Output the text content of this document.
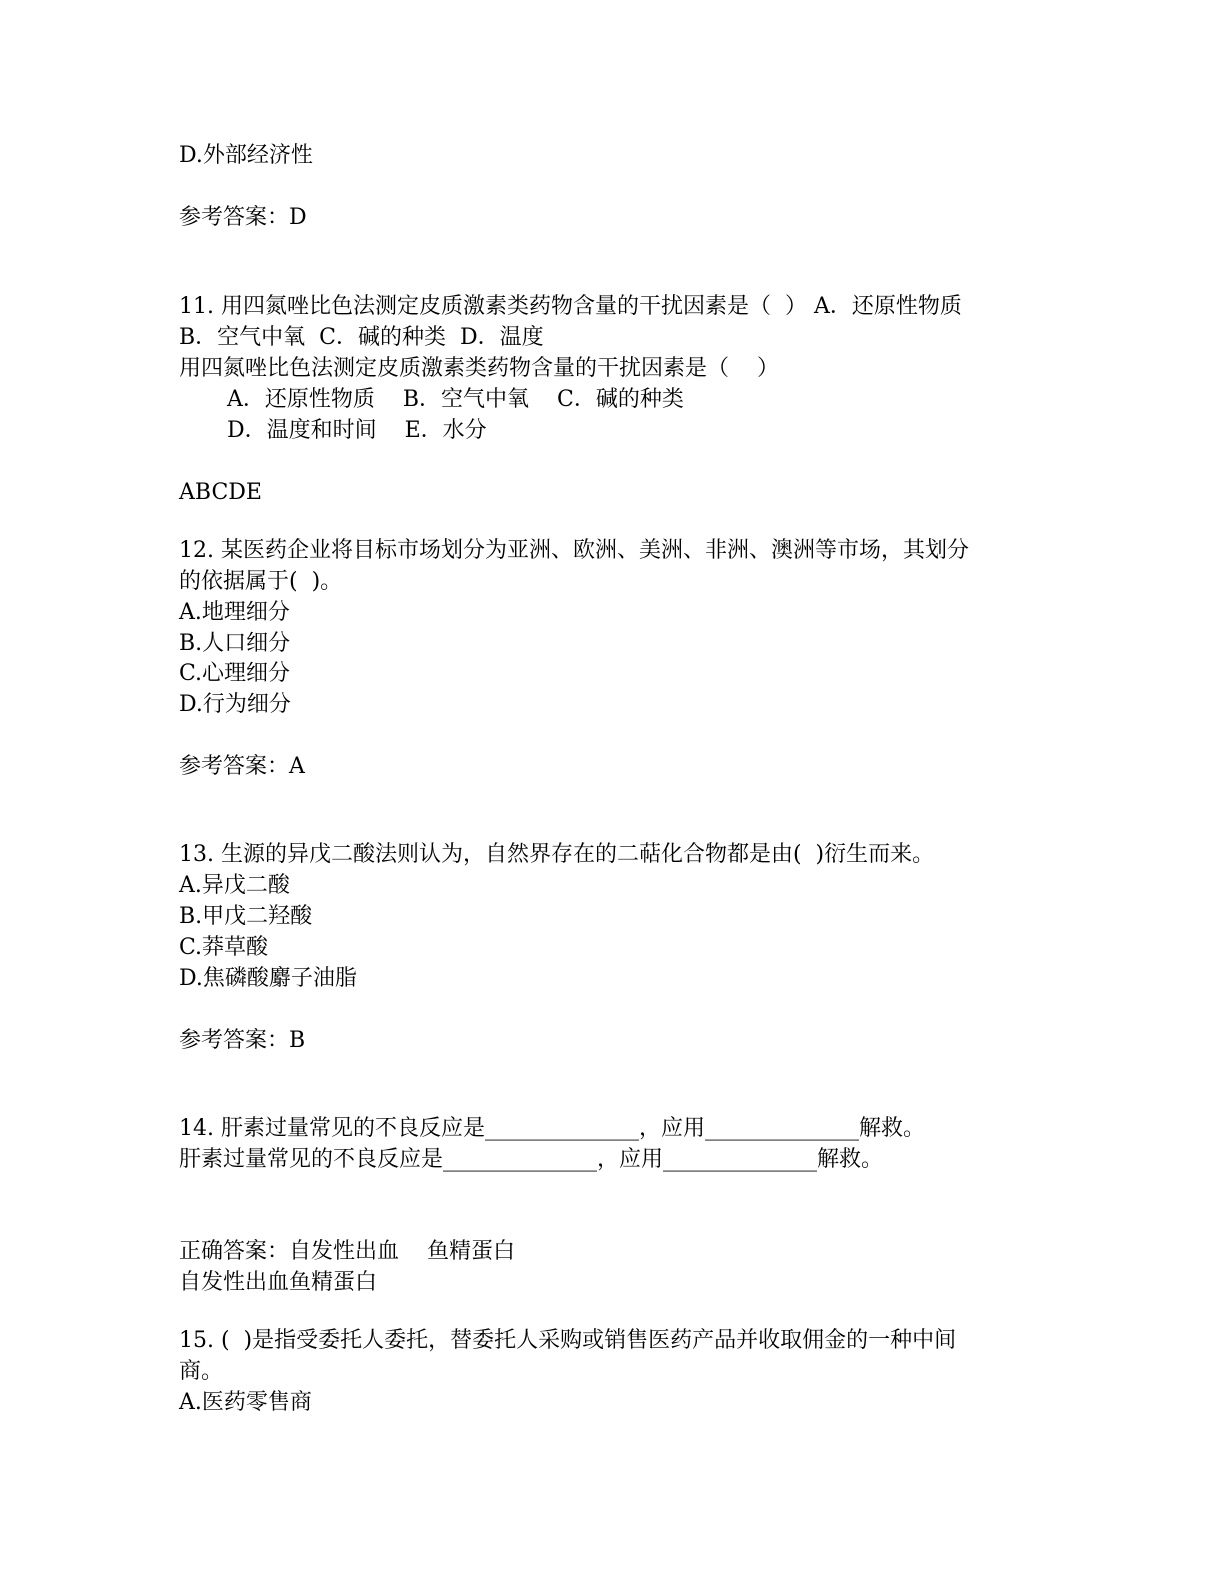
D.外部经济性
参考答案：D
11. 用四氮唑比色法测定皮质激素类药物含量的干扰因素是（  ） A．还原性物质
B．空气中氧  C．碱的种类  D．温度
用四氮唑比色法测定皮质激素类药物含量的干扰因素是（    ）
A．还原性物质    B．空气中氧    C．碱的种类
D．温度和时间    E．水分
ABCDE
12. 某医药企业将目标市场划分为亚洲、欧洲、美洲、非洲、澳洲等市场，其划分
的依据属于(  )。
A.地理细分
B.人口细分
C.心理细分
D.行为细分
参考答案：A
13. 生源的异戊二酸法则认为，自然界存在的二萜化合物都是由(  )衍生而来。
A.异戊二酸
B.甲戊二羟酸
C.莽草酸
D.焦磷酸麝子油脂
参考答案：B
14. 肝素过量常见的不良反应是______________，应用______________解救。
肝素过量常见的不良反应是______________，应用______________解救。
正确答案：自发性出血    鱼精蛋白
自发性出血鱼精蛋白
15. (  )是指受委托人委托，替委托人采购或销售医药产品并收取佣金的一种中间
商。
A.医药零售商
